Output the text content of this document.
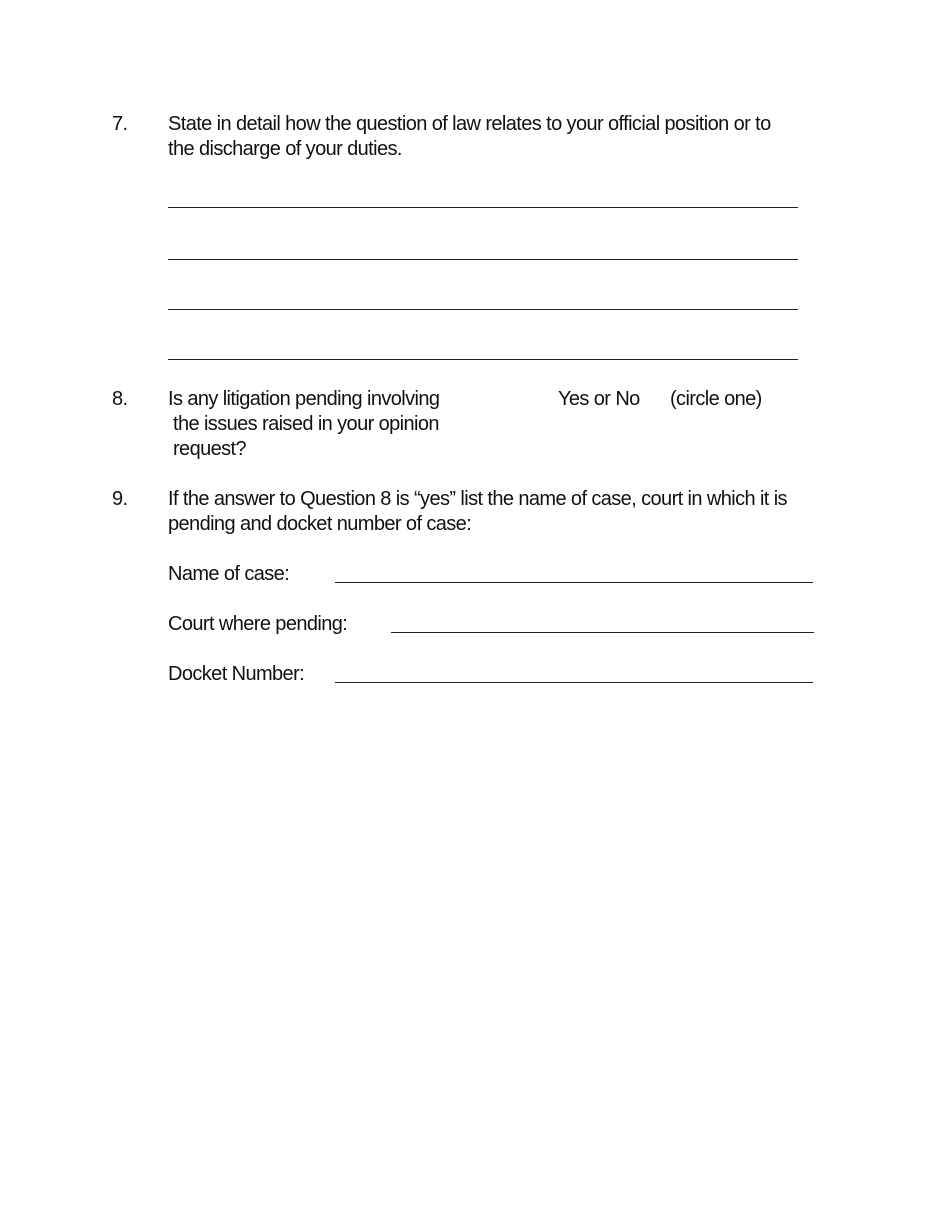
7. State in detail how the question of law relates to your official position or to
the discharge of your duties.
8. Is any litigation pending involving
the issues raised in your opinion
request?
Yes or No (circle one)
9. If the answer to Question 8 is “yes” list the name of case, court in which it is
pending and docket number of case:
Name of case:
Court where pending:
Docket Number:
